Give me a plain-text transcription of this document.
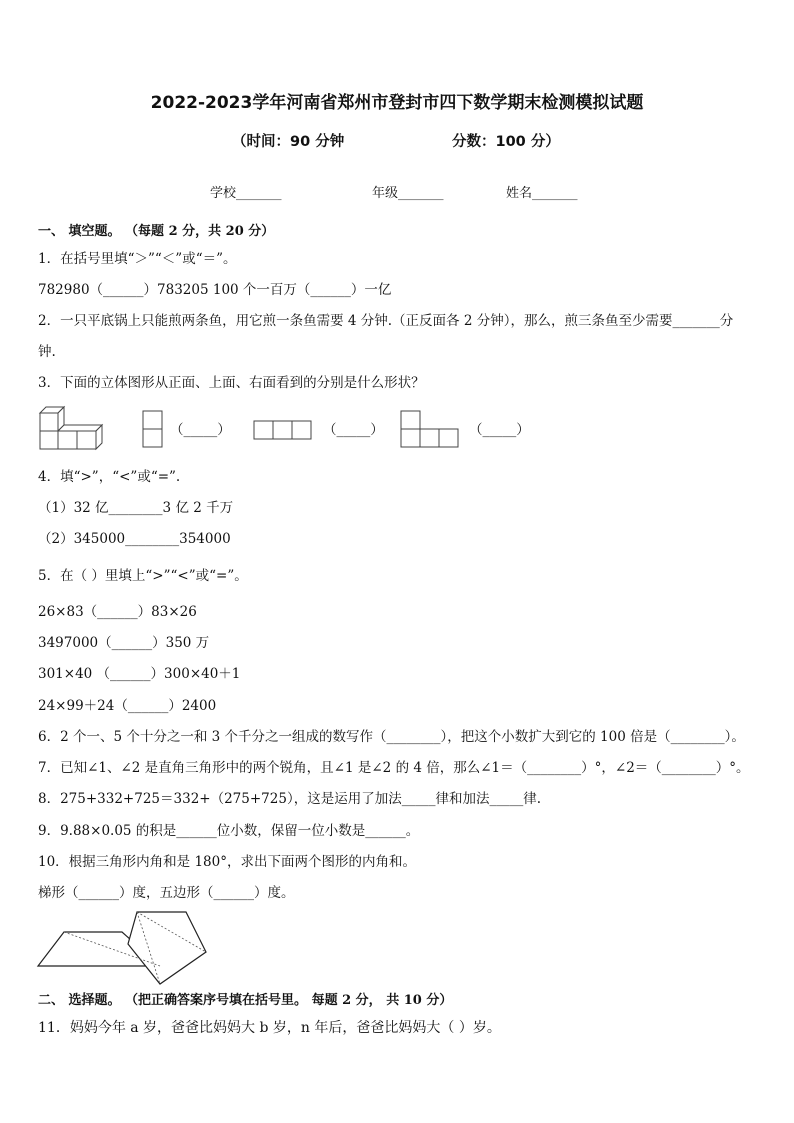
2022-2023学年河南省郑州市登封市四下数学期末检测模拟试题
（时间：90 分钟	分数：100 分）
学校_______	年级_______	姓名_______
一、 填空题。 （每题 2 分，共 20 分）
1．在括号里填“＞”“＜”或“＝”。
782980（______）783205 100 个一百万（______）一亿
2．一只平底锅上只能煎两条鱼，用它煎一条鱼需要 4 分钟.（正反面各 2 分钟），那么，煎三条鱼至少需要_______分
钟.
3．下面的立体图形从正面、上面、右面看到的分别是什么形状？
（_____）	（_____）	（_____）
4．填“>”，“<”或“=”.
（1）32 亿________3 亿 2 千万
（2）345000________354000
5．在（ ）里填上“>”“<”或“=”。
26×83（______）83×26
3497000（______）350 万
301×40 （______）300×40＋1
24×99＋24（______）2400
6．2 个一、5 个十分之一和 3 个千分之一组成的数写作（________），把这个小数扩大到它的 100 倍是（________）。
7．已知∠1、∠2 是直角三角形中的两个锐角，且∠1 是∠2 的 4 倍，那么∠1＝（________）°，∠2＝（________）°。
8．275+332+725＝332+（275+725），这是运用了加法_____律和加法_____律.
9．9.88×0.05 的积是______位小数，保留一位小数是______。
10．根据三角形内角和是 180°，求出下面两个图形的内角和。
梯形（______）度，五边形（______）度。
二、 选择题。 （把正确答案序号填在括号里。 每题 2 分， 共 10 分）
11．妈妈今年 a 岁，爸爸比妈妈大 b 岁，n 年后，爸爸比妈妈大（ ）岁。
